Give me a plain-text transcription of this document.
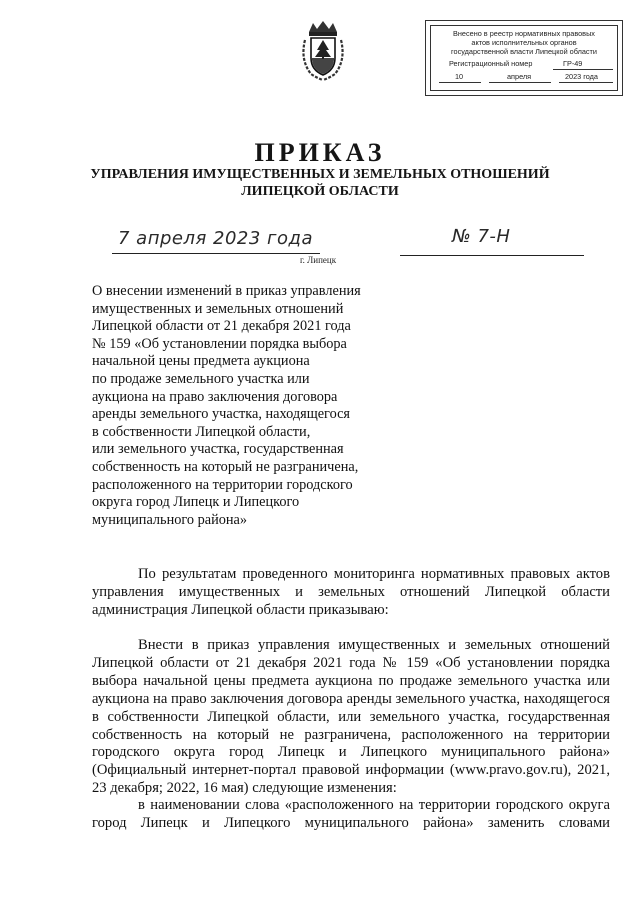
Внесено в реестр нормативных правовых
актов исполнительных органов
государственной власти Липецкой области
Регистрационный номер	ГР-49
10	апреля	2023 года
ПРИКАЗ
УПРАВЛЕНИЯ ИМУЩЕСТВЕННЫХ И ЗЕМЕЛЬНЫХ ОТНОШЕНИЙ
ЛИПЕЦКОЙ ОБЛАСТИ
7 апреля 2023 года	№ 7-Н
г. Липецк
О внесении изменений в приказ управления
имущественных и земельных отношений
Липецкой области от 21 декабря 2021 года
№ 159 «Об установлении порядка выбора
начальной цены предмета аукциона
по продаже земельного участка или
аукциона на право заключения договора
аренды земельного участка, находящегося
в собственности Липецкой области,
или земельного участка, государственная
собственность на который не разграничена,
расположенного на территории городского
округа город Липецк и Липецкого
муниципального района»

По результатам проведенного мониторинга нормативных правовых актов управления имущественных и земельных отношений Липецкой области администрация Липецкой области приказываю:

Внести в приказ управления имущественных и земельных отношений Липецкой области от 21 декабря 2021 года № 159 «Об установлении порядка выбора начальной цены предмета аукциона по продаже земельного участка или аукциона на право заключения договора аренды земельного участка, находящегося в собственности Липецкой области, или земельного участка, государственная собственность на который не разграничена, расположенного на территории городского округа город Липецк и Липецкого муниципального района» (Официальный интернет-портал правовой информации (www.pravo.gov.ru), 2021, 23 декабря; 2022, 16 мая) следующие изменения:

в наименовании слова «расположенного на территории городского округа город Липецк и Липецкого муниципального района» заменить словами
